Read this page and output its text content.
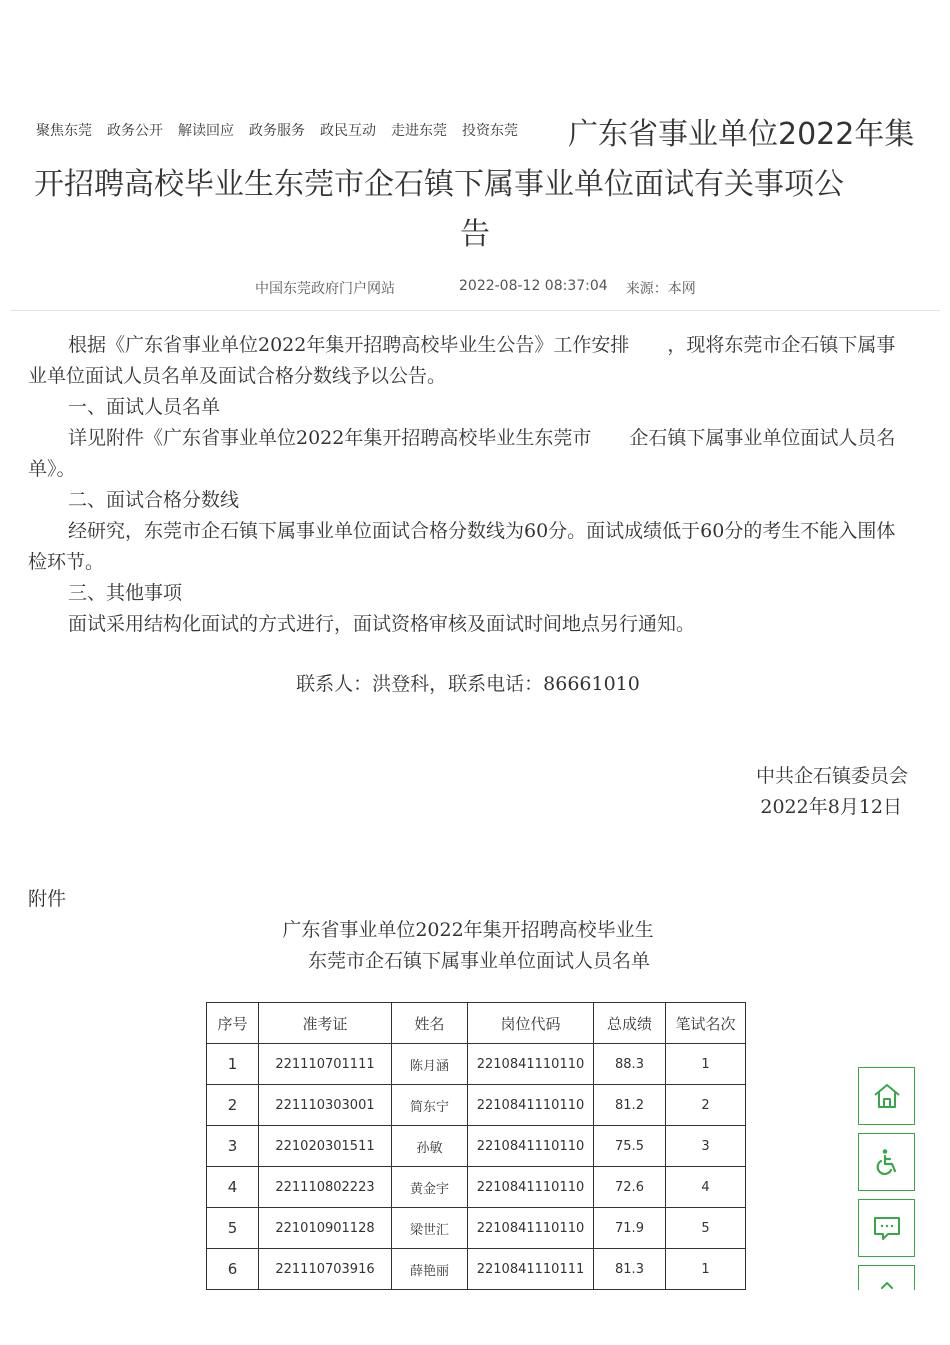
聚焦东莞 政务公开 解读回应 政务服务 政民互动 走进东莞 投资东莞	广东省事业单位2022年集
开招聘高校毕业生东莞市企石镇下属事业单位面试有关事项公
告
中国东莞政府门户网站	2022-08-12 08:37:04 来源：本网

根据《广东省事业单位2022年集开招聘高校毕业生公告》工作安排　　，现将东莞市企石镇下属事业单位面试人员名单及面试合格分数线予以公告。

一、面试人员名单

详见附件《广东省事业单位2022年集开招聘高校毕业生东莞市　　企石镇下属事业单位面试人员名单》。

二、面试合格分数线

经研究，东莞市企石镇下属事业单位面试合格分数线为60分。面试成绩低于60分的考生不能入围体检环节。

三、其他事项

面试采用结构化面试的方式进行，面试资格审核及面试时间地点另行通知。

联系人：洪登科，联系电话：86661010

中共企石镇委员会

2022年8月12日

附件

广东省事业单位2022年集开招聘高校毕业生

东莞市企石镇下属事业单位面试人员名单

序号	准考证	姓名	岗位代码	总成绩	笔试名次
1	221110701111	陈月涵	2210841110110	88.3	1
2	221110303001	简东宁	2210841110110	81.2	2
3	221020301511	孙敏	2210841110110	75.5	3
4	221110802223	黄金宇	2210841110110	72.6	4
5	221010901128	梁世汇	2210841110110	71.9	5
6	221110703916	薛艳丽	2210841110111	81.3	1
